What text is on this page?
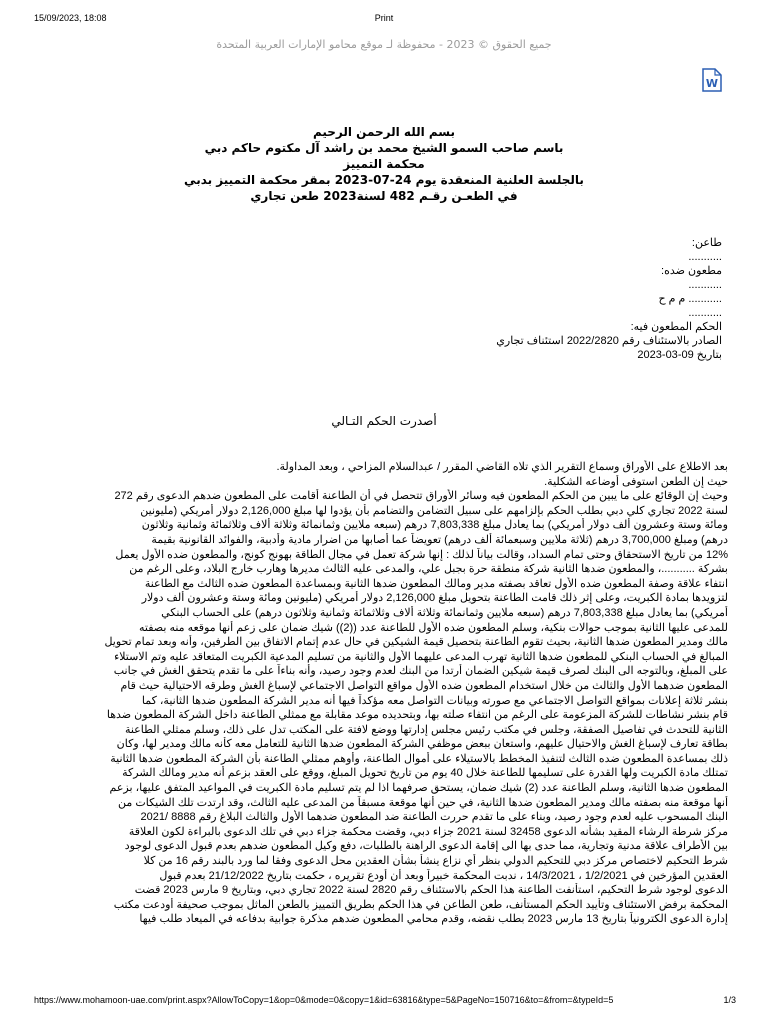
15/09/2023, 18:08	Print
جميع الحقوق © 2023 - محفوظة لـ موقع محامو الإمارات العربية المتحدة
W
بسم الله الرحمن الرحيم
باسم صاحب السمو الشيخ محمد بن راشد آل مكتوم حاكم دبي
محكمة التمييز
بالجلسة العلنية المنعقدة يوم 24-07-2023 بمقر محكمة التمييز بدبي
في الطعـن رقـم 482 لسنة2023 طعن تجاري
طاعن:
...........
مطعون ضده:
...........
........... م م ح
...........
الحكم المطعون فيه:
الصادر بالاستئناف رقم 2022/2820 استئناف تجاري
بتاريخ 09-03-2023
أصدرت الحكم التـالي
بعد الاطلاع على الأوراق وسماع التقرير الذي تلاه القاضي المقرر / عبدالسلام المزاحي ، وبعد المداولة.
حيث إن الطعن استوفى أوضاعه الشكلية.
وحيث إن الوقائع على ما يبين من الحكم المطعون فيه وسائر الأوراق تتحصل في أن الطاعنة أقامت على المطعون ضدهم الدعوى رقم 272
لسنة 2022 تجاري كلي دبي بطلب الحكم بإلزامهم على سبيل التضامن والتضامم بأن يؤدوا لها مبلغ 2,126,000 دولار أمريكي (مليونين
ومائة وستة وعشرون ألف دولار أمريكي) بما يعادل مبلغ 7,803,338 درهم (سبعه ملايين وثمانمائة وثلاثة ألاف وثلاثمائة وثمانية وثلاثون
درهم) ومبلغ 3,700,000 درهم (ثلاثة ملايين وسبعمائة ألف درهم) تعويضاً عما أصابها من اضرار مادية وأدبية، والفوائد القانونية بقيمة
12% من تاريخ الاستحقاق وحتى تمام السداد، وقالت بياناً لذلك : إنها شركة تعمل في مجال الطاقة بهونج كونج، والمطعون ضده الأول يعمل
بشركة ...........، والمطعون ضدها الثانية شركة منطقة حرة بجبل علي، والمدعى عليه الثالث مديرها وهارب خارج البلاد، وعلى الرغم من
انتفاء علاقة وصفة المطعون ضده الأول تعاقد بصفته مدير ومالك المطعون ضدها الثانية وبمساعدة المطعون ضده الثالث مع الطاعنة
لتزويدها بمادة الكبريت، وعلى إثر ذلك قامت الطاعنة بتحويل مبلغ 2,126,000 دولار أمريكي (مليونين ومائة وستة وعشرون ألف دولار
أمريكي) بما يعادل مبلغ 7,803,338 درهم (سبعه ملايين وثمانمائة وثلاثة ألاف وثلاثمائة وثمانية وثلاثون درهم) على الحساب البنكي
للمدعى عليها الثانية بموجب حوالات بنكية، وسلم المطعون ضده الأول للطاعنة عدد ((2)) شيك ضمان على زعم أنها موقعه منه بصفته
مالك ومدير المطعون ضدها الثانية، بحيث تقوم الطاعنة بتحصيل قيمة الشيكين في حال عدم إتمام الاتفاق بين الطرفين، وأنه وبعد تمام تحويل
المبالغ في الحساب البنكي للمطعون ضدها الثانية تهرب المدعى عليهما الأول والثانية من تسليم المدعية الكبريت المتعاقد عليه وتم الاستلاء
على المبلغ، وبالتوجه الى البنك لصرف قيمة شيكين الضمان أرتدا من البنك لعدم وجود رصيد، وأنه بناءاً على ما تقدم يتحقق الغش في جانب
المطعون ضدهما الأول والثالث من خلال استخدام المطعون ضده الأول مواقع التواصل الاجتماعي لإسباغ الغش وطرقه الاحتيالية حيث قام
بنشر ثلاثة إعلانات بمواقع التواصل الاجتماعي مع صورته وبيانات التواصل معه مؤكداً فيها أنه مدير الشركة المطعون ضدها الثانية، كما
قام بنشر نشاطات للشركة المزعومة على الرغم من انتفاء صلته بها، وبتحديده موعد مقابلة مع ممثلي الطاعنة داخل الشركة المطعون ضدها
الثانية للتحدث في تفاصيل الصفقة، وجلس في مكتب رئيس مجلس إدارتها ووضع لافتة على المكتب تدل على ذلك، وسلم ممثلي الطاعنة
بطاقة تعارف لإسباغ الغش والاحتيال عليهم، واستعان ببعض موظفي الشركة المطعون ضدها الثانية للتعامل معه كأنه مالك ومدير لها، وكان
ذلك بمساعدة المطعون ضده الثالث لتنفيذ المخطط بالاستيلاء على أموال الطاعنة، وأوهم ممثلي الطاعنة بأن الشركة المطعون ضدها الثانية
تمتلك مادة الكبريت ولها القدرة على تسليمها للطاعنة خلال 40 يوم من تاريخ تحويل المبلغ، ووقع على العقد بزعم أنه مدير ومالك الشركة
المطعون ضدها الثانية، وسلم الطاعنة عدد (2) شيك ضمان، يستحق صرفهما اذا لم يتم تسليم مادة الكبريت في المواعيد المتفق عليها، بزعم
أنها موقعة منه بصفته مالك ومدير المطعون ضدها الثانية، في حين أنها موقعة مسبقاً من المدعى عليه الثالث، وقد ارتدت تلك الشيكات من
البنك المسحوب عليه لعدم وجود رصيد، وبناء على ما تقدم حررت الطاعنة ضد المطعون ضدهما الأول والثالث البلاغ رقم 8888 /2021
مركز شرطة الرشاء المقيد بشأنه الدعوى 32458 لسنة 2021 جزاء دبي، وقضت محكمة جزاء دبي في تلك الدعوى بالبراءة لكون العلاقة
بين الأطراف علاقة مدنية وتجارية، مما حدى بها الى إقامة الدعوى الراهنة بالطلبات، دفع وكيل المطعون ضدهم بعدم قبول الدعوى لوجود
شرط التحكيم لاختصاص مركز دبي للتحكيم الدولي بنظر أي نزاع ينشأ بشأن العقدين محل الدعوى وفقا لما ورد بالبند رقم 16 من كلا
العقدين المؤرخين في 1/2/2021 ، 14/3/2021 ، ندبت المحكمة خبيراً وبعد أن أودع تقريره ، حكمت بتاريخ 21/12/2022 بعدم قبول
الدعوى لوجود شرط التحكيم، استأنفت الطاعنة هذا الحكم بالاستئناف رقم 2820 لسنة 2022 تجاري دبي، وبتاريخ 9 مارس 2023 قضت
المحكمة برفض الاستئناف وتأييد الحكم المستأنف، طعن الطاعن في هذا الحكم بطريق التمييز بالطعن الماثل بموجب صحيفة أودعت مكتب
إدارة الدعوى الكترونياً بتاريخ 13 مارس 2023 بطلب نقضه، وقدم محامي المطعون ضدهم مذكرة جوابية بدفاعه في الميعاد طلب فيها
https://www.mohamoon-uae.com/print.aspx?AllowToCopy=1&op=0&mode=0&copy=1&id=63816&type=5&PageNo=150716&to=&from=&typeId=5	1/3
